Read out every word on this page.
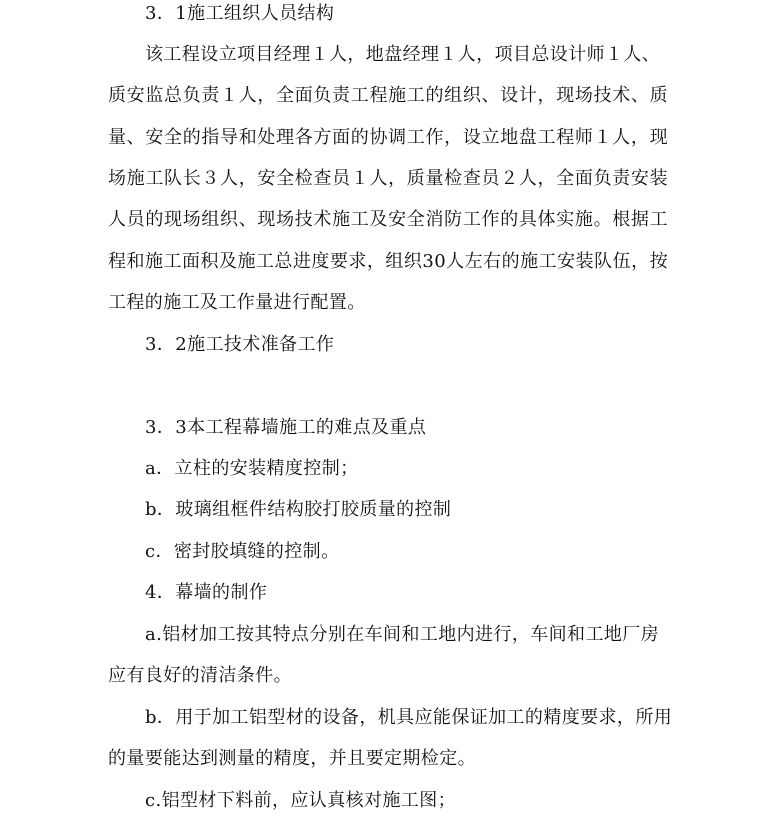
3．1施工组织人员结构
该工程设立项目经理１人，地盘经理１人，项目总设计师１人、
质安监总负责１人，全面负责工程施工的组织、设计，现场技术、质
量、安全的指导和处理各方面的协调工作，设立地盘工程师１人，现
场施工队长３人，安全检查员１人，质量检查员２人，全面负责安装
人员的现场组织、现场技术施工及安全消防工作的具体实施。根据工
程和施工面积及施工总进度要求，组织30人左右的施工安装队伍，按
工程的施工及工作量进行配置。
3．2施工技术准备工作
3．3本工程幕墙施工的难点及重点
a．立柱的安装精度控制；
b．玻璃组框件结构胶打胶质量的控制
c．密封胶填缝的控制。
4．幕墙的制作
a.铝材加工按其特点分别在车间和工地内进行，车间和工地厂房
应有良好的清洁条件。
b．用于加工铝型材的设备，机具应能保证加工的精度要求，所用
的量要能达到测量的精度，并且要定期检定。
c.铝型材下料前，应认真核对施工图；
